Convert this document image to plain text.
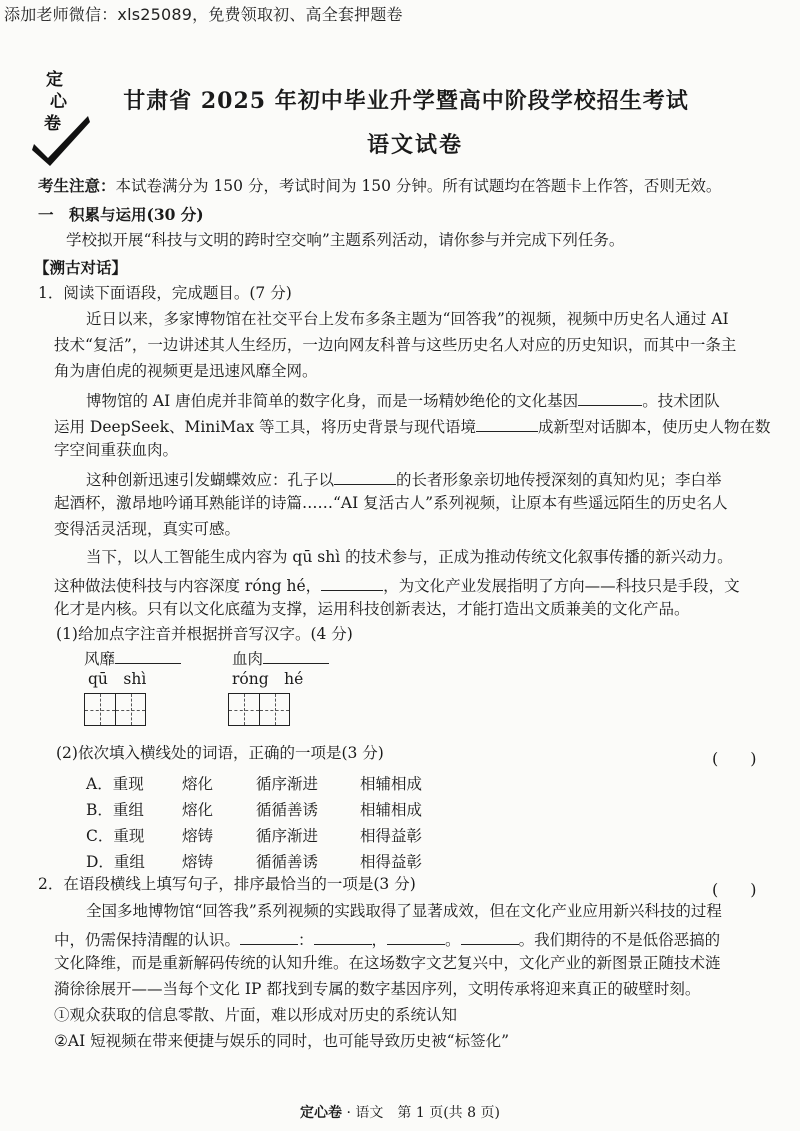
添加老师微信：xls25089，免费领取初、高全套押题卷
定
心
卷
甘肃省 2025 年初中毕业升学暨高中阶段学校招生考试
语文试卷
考生注意：本试卷满分为 150 分，考试时间为 150 分钟。所有试题均在答题卡上作答，否则无效。
一　积累与运用(30 分)
学校拟开展“科技与文明的跨时空交响”主题系列活动，请你参与并完成下列任务。
【溯古对话】
1．阅读下面语段，完成题目。(7 分)
近日以来，多家博物馆在社交平台上发布多条主题为“回答我”的视频，视频中历史名人通过 AI
技术“复活”，一边讲述其人生经历，一边向网友科普与这些历史名人对应的历史知识，而其中一条主
角为唐伯虎的视频更是迅速风靡全网。
博物馆的 AI 唐伯虎并非简单的数字化身，而是一场精妙绝伦的文化基因	。技术团队
运用 DeepSeek、MiniMax 等工具，将历史背景与现代语境	成新型对话脚本，使历史人物在数
字空间重获血肉。
这种创新迅速引发蝴蝶效应：孔子以	的长者形象亲切地传授深刻的真知灼见；李白举
起酒杯，激昂地吟诵耳熟能详的诗篇……“AI 复活古人”系列视频，让原本有些遥远陌生的历史名人
变得活灵活现，真实可感。
当下，以人工智能生成内容为 qū shì 的技术参与，正成为推动传统文化叙事传播的新兴动力。
这种做法使科技与内容深度 róng hé，	，为文化产业发展指明了方向——科技只是手段，文
化才是内核。只有以文化底蕴为支撑，运用科技创新表达，才能打造出文质兼美的文化产品。
(1)给加点字注音并根据拼音写汉字。(4 分)
风靡	血肉
qū　shì	róng　hé
(2)依次填入横线处的词语，正确的一项是(3 分)	(　　)
A．重现 熔化	循序渐进	相辅相成
B．重组 熔化	循循善诱	相辅相成
C．重现 熔铸	循序渐进	相得益彰
D．重组 熔铸	循循善诱	相得益彰
2．在语段横线上填写句子，排序最恰当的一项是(3 分)	(　　)
全国多地博物馆“回答我”系列视频的实践取得了显著成效，但在文化产业应用新兴科技的过程
中，仍需保持清醒的认识。	：	，	。	。我们期待的不是低俗恶搞的
文化降维，而是重新解码传统的认知升维。在这场数字文艺复兴中，文化产业的新图景正随技术涟
漪徐徐展开——当每个文化 IP 都找到专属的数字基因序列，文明传承将迎来真正的破壁时刻。
①观众获取的信息零散、片面，难以形成对历史的系统认知
②AI 短视频在带来便捷与娱乐的同时，也可能导致历史被“标签化”
定心卷 · 语文　第 1 页(共 8 页)
